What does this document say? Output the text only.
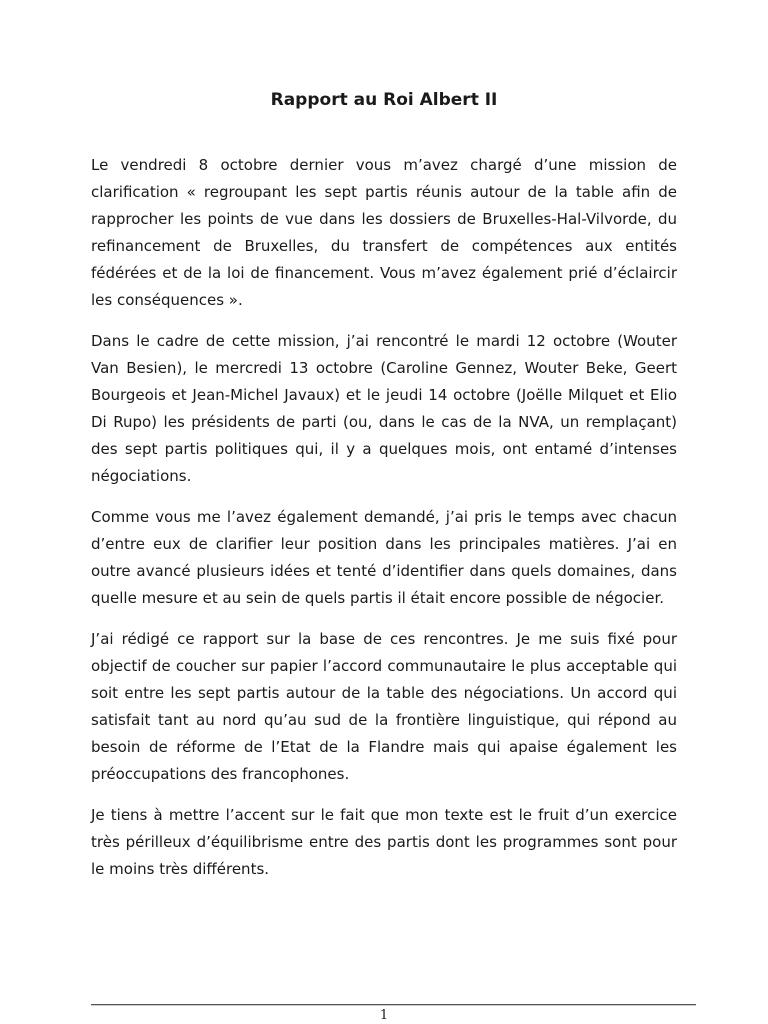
Rapport au Roi Albert II

Le vendredi 8 octobre dernier vous m’avez chargé d’une mission de clarification « regroupant les sept partis réunis autour de la table afin de rapprocher les points de vue dans les dossiers de Bruxelles-Hal-Vilvorde, du refinancement de Bruxelles, du transfert de compétences aux entités fédérées et de la loi de financement. Vous m’avez également prié d’éclaircir les conséquences ».

Dans le cadre de cette mission, j’ai rencontré le mardi 12 octobre (Wouter Van Besien), le mercredi 13 octobre (Caroline Gennez, Wouter Beke, Geert Bourgeois et Jean-Michel Javaux) et le jeudi 14 octobre (Joëlle Milquet et Elio Di Rupo) les présidents de parti (ou, dans le cas de la NVA, un remplaçant) des sept partis politiques qui, il y a quelques mois, ont entamé d’intenses négociations.

Comme vous me l’avez également demandé, j’ai pris le temps avec chacun d’entre eux de clarifier leur position dans les principales matières. J’ai en outre avancé plusieurs idées et tenté d’identifier dans quels domaines, dans quelle mesure et au sein de quels partis il était encore possible de négocier.

J’ai rédigé ce rapport sur la base de ces rencontres. Je me suis fixé pour objectif de coucher sur papier l’accord communautaire le plus acceptable qui soit entre les sept partis autour de la table des négociations. Un accord qui satisfait tant au nord qu’au sud de la frontière linguistique, qui répond au besoin de réforme de l’Etat de la Flandre mais qui apaise également les préoccupations des francophones.

Je tiens à mettre l’accent sur le fait que mon texte est le fruit d’un exercice très périlleux d’équilibrisme entre des partis dont les programmes sont pour le moins très différents.

1
